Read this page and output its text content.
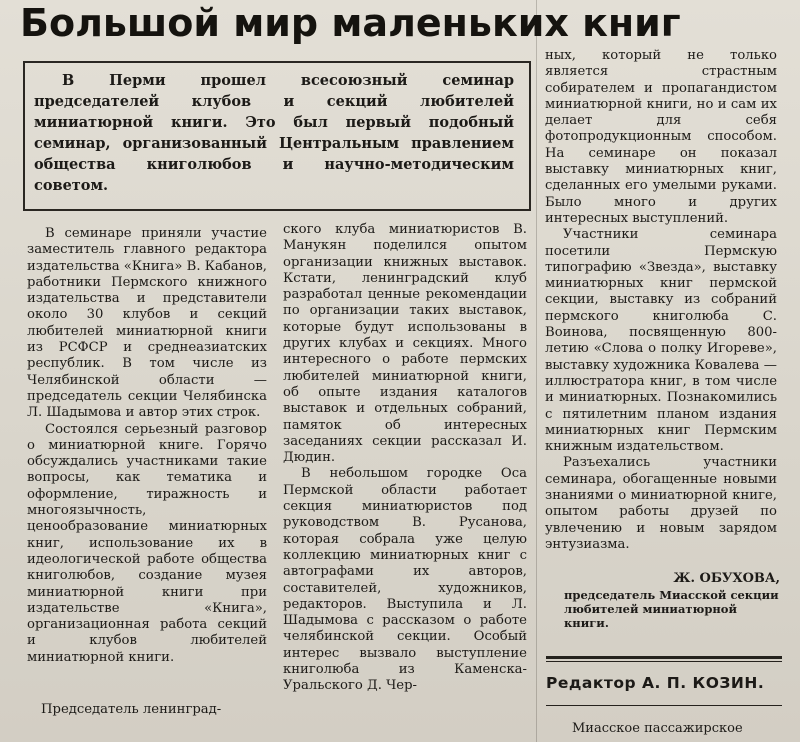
Большой мир маленьких книг
В Перми прошел всесоюзный семинар председателей клубов и секций любителей миниатюрной книги. Это был первый подобный семинар, организованный Центральным правлением общества книголюбов и научно-методическим советом.

В семинаре приняли участие заместитель главного редактора издательства «Книга» В. Кабанов, работники Пермского книжного издательства и представители около 30 клубов и секций любителей миниатюрной книги из РСФСР и среднеазиатских республик. В том числе из Челябинской области — председатель секции Челябинска Л. Шадымова и автор этих строк.

Состоялся серьезный разговор о миниатюрной книге. Горячо обсуждались участниками такие вопросы, как тематика и оформление, тиражность и многоязычность, ценообразование миниатюрных книг, использование их в идеологической работе общества книголюбов, создание музея миниатюрной книги при издательстве «Книга», организационная работа секций и клубов любителей миниатюрной книги.

Председатель ленинград-

ского клуба миниатюристов В. Манукян поделился опытом организации книжных выставок. Кстати, ленинградский клуб разработал ценные рекомендации по организации таких выставок, которые будут использованы в других клубах и секциях. Много интересного о работе пермских любителей миниатюрной книги, об опыте издания каталогов выставок и отдельных собраний, памяток об интересных заседаниях секции рассказал И. Дюдин.

В небольшом городке Оса Пермской области работает секция миниатюристов под руководством В. Русанова, которая собрала уже целую коллекцию миниатюрных книг с автографами их авторов, составителей, художников, редакторов. Выступила и Л. Шадымова с рассказом о работе челябинской секции. Особый интерес вызвало выступление книголюба из Каменска-Уральского Д. Чер-

ных, который не только является страстным собирателем и пропагандистом миниатюрной книги, но и сам их делает для себя фотопродукционным способом. На семинаре он показал выставку миниатюрных книг, сделанных его умелыми руками. Было много и других интересных выступлений.

Участники семинара посетили Пермскую типографию «Звезда», выставку миниатюрных книг пермской секции, выставку из собраний пермского книголюба С. Воинова, посвященную 800-летию «Слова о полку Игореве», выставку художника Ковалева — иллюстратора книг, в том числе и миниатюрных. Познакомились с пятилетним планом издания миниатюрных книг Пермским книжным издательством.

Разъехались участники семинара, обогащенные новыми знаниями о миниатюрной книге, опытом работы друзей по увлечению и новым зарядом энтузиазма.

Ж. ОБУХОВА,
председатель Миасской секции любителей миниатюрной книги.
Редактор А. П. КОЗИН.
Миасское пассажирское
